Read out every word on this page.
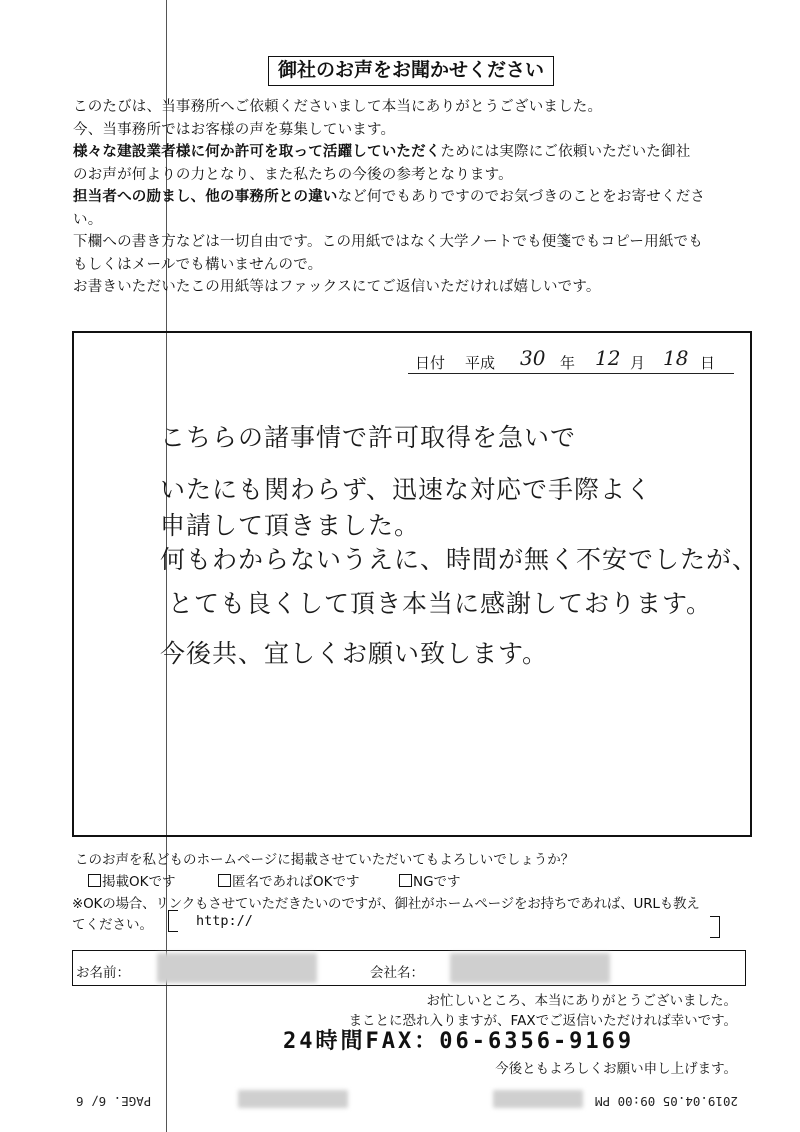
御社のお声をお聞かせください

このたびは、当事務所へご依頼くださいまして本当にありがとうございました。

今、当事務所ではお客様の声を募集しています。

様々な建設業者様に何か許可を取って活躍していただくためには実際にご依頼いただいた御社

のお声が何よりの力となり、また私たちの今後の参考となります。

担当者への励まし、他の事務所との違いなど何でもありですのでお気づきのことをお寄せくださ

い。

下欄への書き方などは一切自由です。この用紙ではなく大学ノートでも便箋でもコピー用紙でも

もしくはメールでも構いませんので。

お書きいただいたこの用紙等はファックスにてご返信いただければ嬉しいです。

日付 平成 30 年 12 月 18 日
こちらの諸事情で許可取得を急いで
いたにも関わらず、迅速な対応で手際よく
申請して頂きました。
何もわからないうえに、時間が無く不安でしたが、
とても良くして頂き本当に感謝しております。
今後共、宜しくお願い致します。
このお声を私どものホームページに掲載させていただいてもよろしいでしょうか？
掲載OKです	匿名であればOKです	NGです
※OKの場合、リンクもさせていただきたいのですが、御社がホームページをお持ちであれば、URLも教え
てください。	http://
お名前：	会社名：
お忙しいところ、本当にありがとうございました。
まことに恐れ入りますが、FAXでご返信いただければ幸いです。
24時間FAX：06-6356-9169
今後ともよろしくお願い申し上げます。
PAGE. 6/ 6	2019.04.05 09:00 PM
